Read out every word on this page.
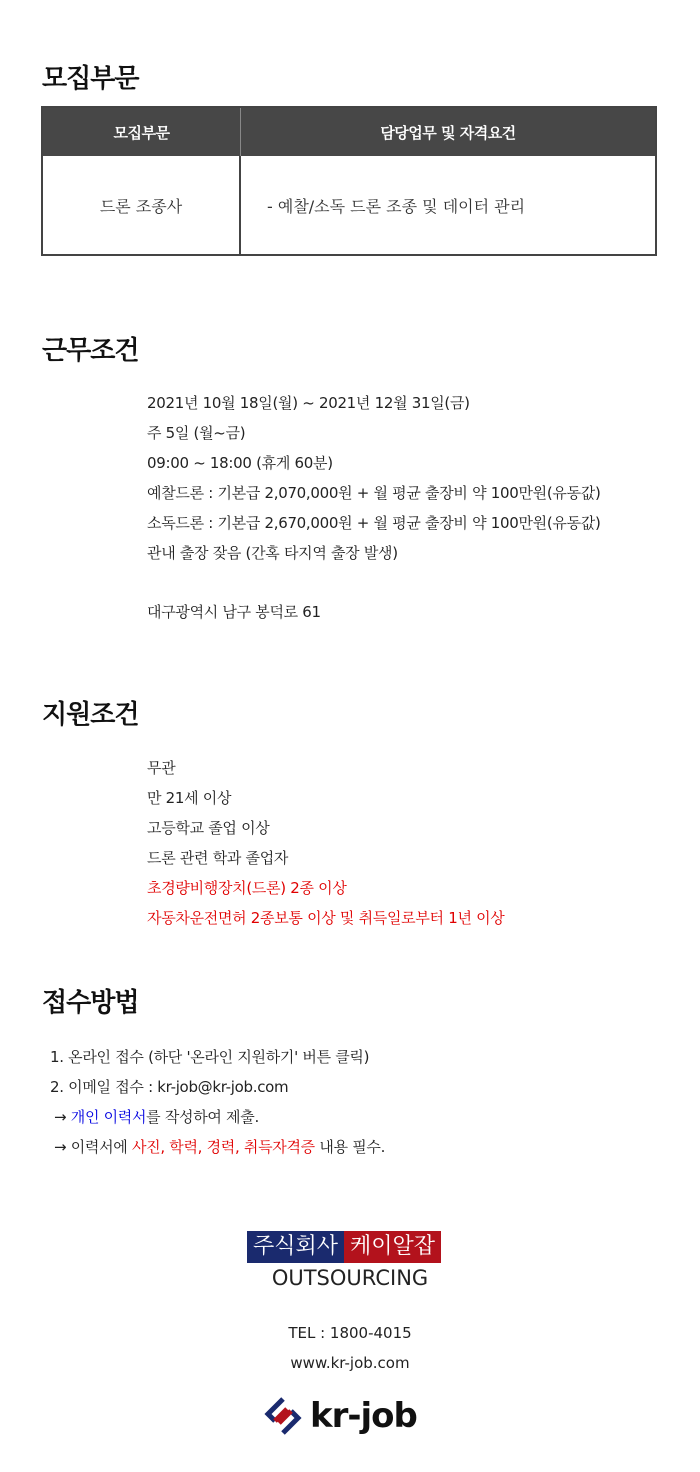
모집부문
모집부문	담당업무 및 자격요건
드론 조종사	- 예찰/소독 드론 조종 및 데이터 관리
근무조건
2021년 10월 18일(월) ~ 2021년 12월 31일(금)
주 5일 (월~금)
09:00 ~ 18:00 (휴게 60분)
예찰드론 : 기본급 2,070,000원 + 월 평균 출장비 약 100만원(유동값)
소독드론 : 기본급 2,670,000원 + 월 평균 출장비 약 100만원(유동값)
관내 출장 잦음 (간혹 타지역 출장 발생)
대구광역시 남구 봉덕로 61
지원조건
무관
만 21세 이상
고등학교 졸업 이상
드론 관련 학과 졸업자
초경량비행장치(드론) 2종 이상
자동차운전면허 2종보통 이상 및 취득일로부터 1년 이상
접수방법
1. 온라인 접수 (하단 '온라인 지원하기' 버튼 클릭)
2. 이메일 접수 : kr-job@kr-job.com
→ 개인 이력서를 작성하여 제출.
→ 이력서에 사진, 학력, 경력, 취득자격증 내용 필수.
주식회사 케이알잡
OUTSOURCING
TEL : 1800-4015
www.kr-job.com
kr-job
